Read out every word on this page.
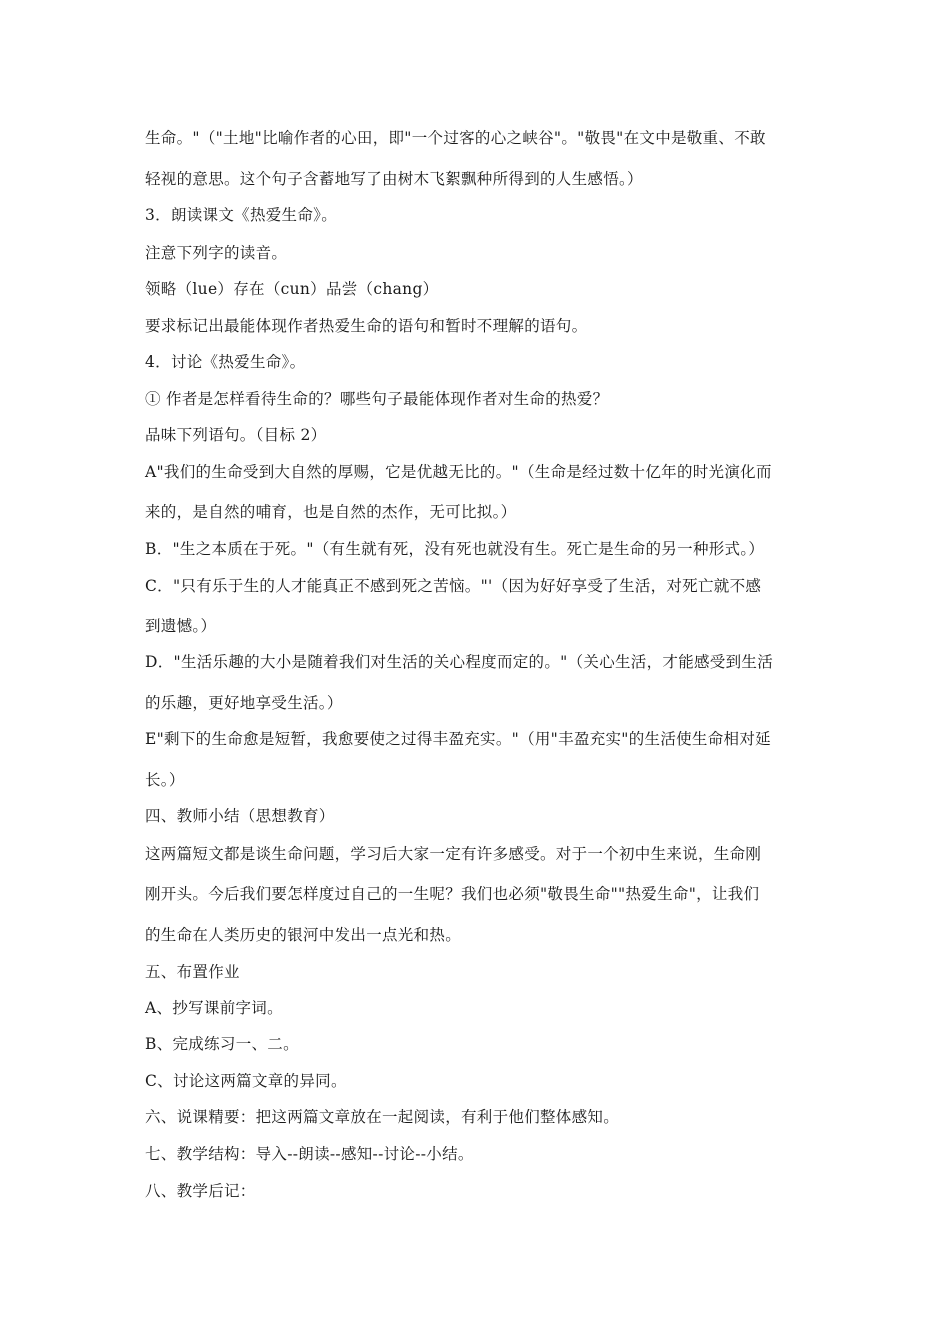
生命。"（"土地"比喻作者的心田，即"一个过客的心之峡谷"。"敬畏"在文中是敬重、不敢
轻视的意思。这个句子含蓄地写了由树木飞絮飘种所得到的人生感悟。）
3．朗读课文《热爱生命》。
注意下列字的读音。
领略（lue）存在（cun）品尝（chang）
要求标记出最能体现作者热爱生命的语句和暂时不理解的语句。
4．讨论《热爱生命》。
① 作者是怎样看待生命的？哪些句子最能体现作者对生命的热爱？
品味下列语句。（目标 2）
A"我们的生命受到大自然的厚赐，它是优越无比的。"（生命是经过数十亿年的时光演化而
来的，是自然的哺育，也是自然的杰作，无可比拟。）
B．"生之本质在于死。"（有生就有死，没有死也就没有生。死亡是生命的另一种形式。）
C．"只有乐于生的人才能真正不感到死之苦恼。"'（因为好好享受了生活，对死亡就不感
到遗憾。）
D．"生活乐趣的大小是随着我们对生活的关心程度而定的。"（关心生活，才能感受到生活
的乐趣，更好地享受生活。）
E"剩下的生命愈是短暂，我愈要使之过得丰盈充实。"（用"丰盈充实"的生活使生命相对延
长。）
四、教师小结（思想教育）
这两篇短文都是谈生命问题，学习后大家一定有许多感受。对于一个初中生来说，生命刚
刚开头。今后我们要怎样度过自己的一生呢？我们也必须"敬畏生命""热爱生命"，让我们
的生命在人类历史的银河中发出一点光和热。
五、布置作业
A、抄写课前字词。
B、完成练习一、二。
C、讨论这两篇文章的异同。
六、说课精要：把这两篇文章放在一起阅读，有利于他们整体感知。
七、教学结构：导入--朗读--感知--讨论--小结。
八、教学后记：
